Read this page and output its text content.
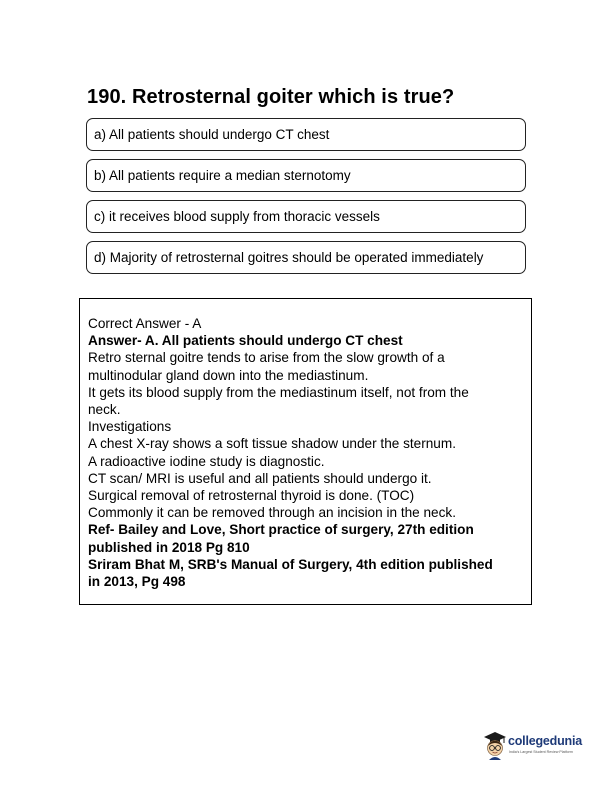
190. Retrosternal goiter which is true?
a) All patients should undergo CT chest
b) All patients require a median sternotomy
c) it receives blood supply from thoracic vessels
d) Majority of retrosternal goitres should be operated immediately
Correct Answer - A
Answer- A. All patients should undergo CT chest
Retro sternal goitre tends to arise from the slow growth of a
multinodular gland down into the mediastinum.
It gets its blood supply from the mediastinum itself, not from the
neck.
Investigations
A chest X-ray shows a soft tissue shadow under the sternum.
A radioactive iodine study is diagnostic.
CT scan/ MRI is useful and all patients should undergo it.
Surgical removal of retrosternal thyroid is done. (TOC)
Commonly it can be removed through an incision in the neck.
Ref- Bailey and Love, Short practice of surgery, 27th edition
published in 2018 Pg 810
Sriram Bhat M, SRB's Manual of Surgery, 4th edition published
in 2013, Pg 498
collegedunia
India's Largest Student Review Platform
